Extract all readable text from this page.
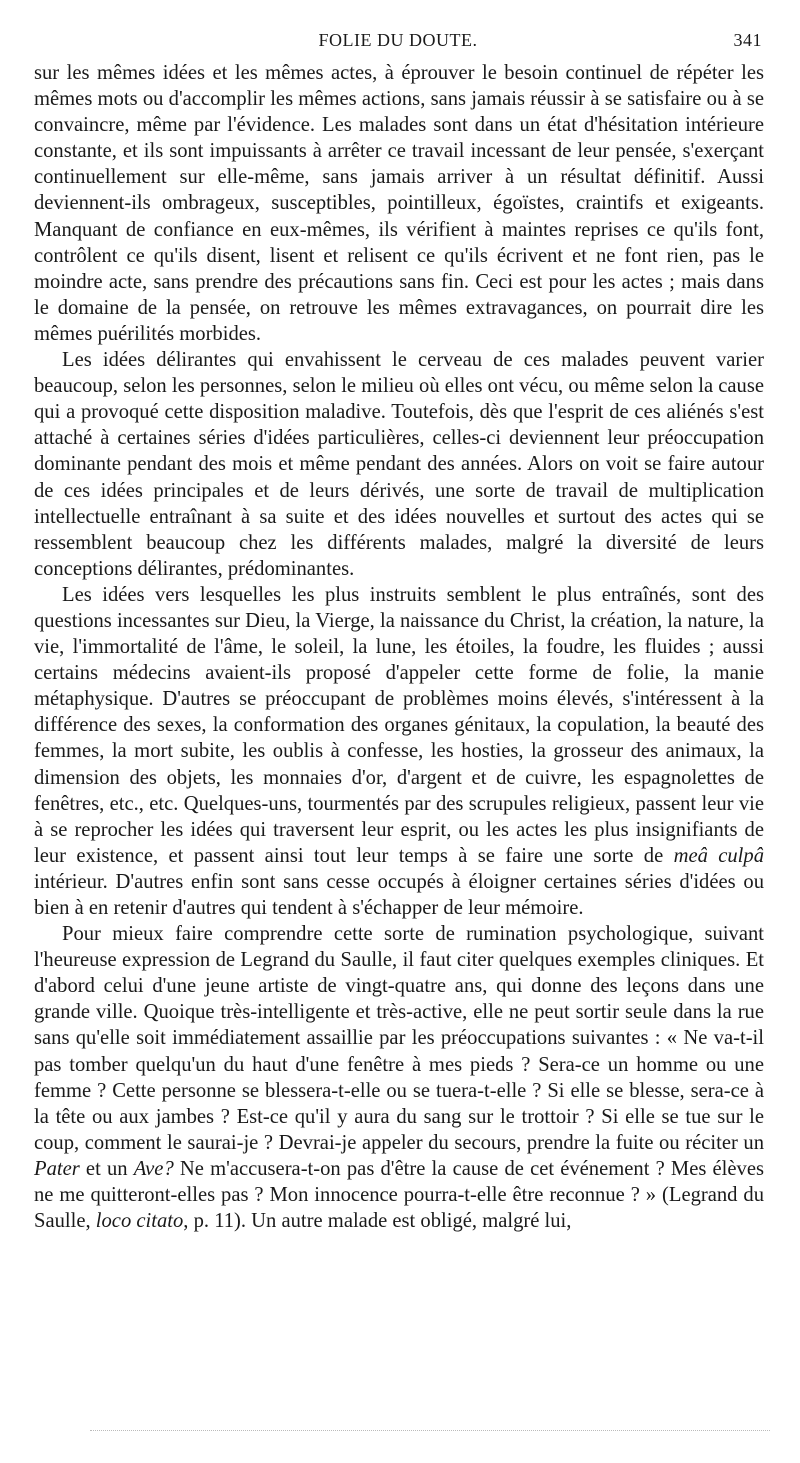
FOLIE DU DOUTE.	341

sur les mêmes idées et les mêmes actes, à éprouver le besoin continuel de répéter les mêmes mots ou d'accomplir les mêmes actions, sans jamais réussir à se satisfaire ou à se convaincre, même par l'évidence. Les malades sont dans un état d'hésitation intérieure constante, et ils sont impuissants à arrêter ce travail incessant de leur pensée, s'exerçant continuellement sur elle-même, sans jamais arriver à un résultat définitif. Aussi deviennent-ils ombrageux, susceptibles, pointilleux, égoïstes, craintifs et exigeants. Manquant de confiance en eux-mêmes, ils vérifient à maintes reprises ce qu'ils font, contrôlent ce qu'ils disent, lisent et relisent ce qu'ils écrivent et ne font rien, pas le moindre acte, sans prendre des précautions sans fin. Ceci est pour les actes ; mais dans le domaine de la pensée, on retrouve les mêmes extravagances, on pourrait dire les mêmes puérilités morbides.

Les idées délirantes qui envahissent le cerveau de ces malades peuvent varier beaucoup, selon les personnes, selon le milieu où elles ont vécu, ou même selon la cause qui a provoqué cette disposition maladive. Toutefois, dès que l'esprit de ces aliénés s'est attaché à certaines séries d'idées particulières, celles-ci deviennent leur préoccupation dominante pendant des mois et même pendant des années. Alors on voit se faire autour de ces idées principales et de leurs dérivés, une sorte de travail de multiplication intellectuelle entraînant à sa suite et des idées nouvelles et surtout des actes qui se ressemblent beaucoup chez les différents malades, malgré la diversité de leurs conceptions délirantes, prédominantes.

Les idées vers lesquelles les plus instruits semblent le plus entraînés, sont des questions incessantes sur Dieu, la Vierge, la naissance du Christ, la création, la nature, la vie, l'immortalité de l'âme, le soleil, la lune, les étoiles, la foudre, les fluides ; aussi certains médecins avaient-ils proposé d'appeler cette forme de folie, la manie métaphysique. D'autres se préoccupant de problèmes moins élevés, s'intéressent à la différence des sexes, la conformation des organes génitaux, la copulation, la beauté des femmes, la mort subite, les oublis à confesse, les hosties, la grosseur des animaux, la dimension des objets, les monnaies d'or, d'argent et de cuivre, les espagnolettes de fenêtres, etc., etc. Quelques-uns, tourmentés par des scrupules religieux, passent leur vie à se reprocher les idées qui traversent leur esprit, ou les actes les plus insignifiants de leur existence, et passent ainsi tout leur temps à se faire une sorte de meâ culpâ intérieur. D'autres enfin sont sans cesse occupés à éloigner certaines séries d'idées ou bien à en retenir d'autres qui tendent à s'échapper de leur mémoire.

Pour mieux faire comprendre cette sorte de rumination psychologique, suivant l'heureuse expression de Legrand du Saulle, il faut citer quelques exemples cliniques. Et d'abord celui d'une jeune artiste de vingt-quatre ans, qui donne des leçons dans une grande ville. Quoique très-intelligente et très-active, elle ne peut sortir seule dans la rue sans qu'elle soit immédiatement assaillie par les préoccupations suivantes : « Ne va-t-il pas tomber quelqu'un du haut d'une fenêtre à mes pieds ? Sera-ce un homme ou une femme ? Cette personne se blessera-t-elle ou se tuera-t-elle ? Si elle se blesse, sera-ce à la tête ou aux jambes ? Est-ce qu'il y aura du sang sur le trottoir ? Si elle se tue sur le coup, comment le saurai-je ? Devrai-je appeler du secours, prendre la fuite ou réciter un Pater et un Ave? Ne m'accusera-t-on pas d'être la cause de cet événement ? Mes élèves ne me quitteront-elles pas ? Mon innocence pourra-t-elle être reconnue ? » (Legrand du Saulle, loco citato, p. 11). Un autre malade est obligé, malgré lui,
